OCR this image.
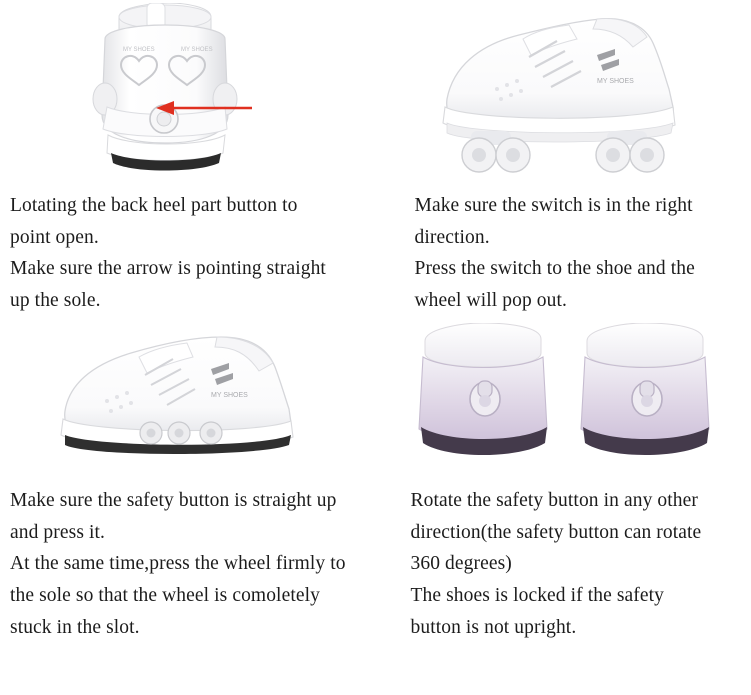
MY SHOES	MY SHOES

Lotating the back heel part button to

point open.

Make sure the arrow is pointing straight

up the sole.

MY SHOES

Make sure the switch is in the right

direction.

Press the switch to the shoe and the

wheel will pop out.

MY SHOES

Make sure the safety button is straight up

and press it.

At the same time,press the wheel firmly to

the sole so that the wheel is comoletely

stuck in the slot.

Rotate the safety button in any other

direction(the safety button can rotate

360 degrees)

The shoes is locked if the safety

button is not upright.
